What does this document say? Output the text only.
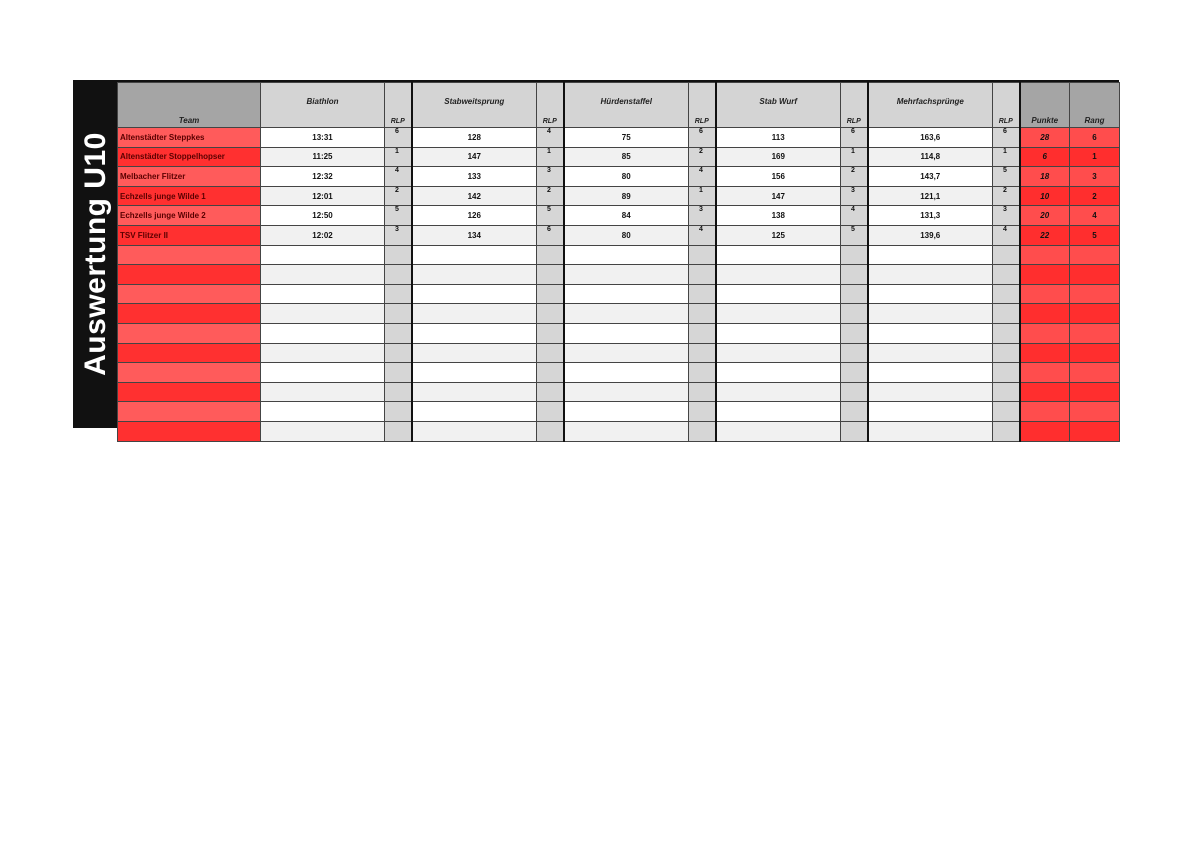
Auswertung U10
Team	Biathlon	RLP	Stabweitsprung	RLP	Hürdenstaffel	RLP	Stab Wurf	RLP	Mehrfachsprünge	RLP	Punkte	Rang
Altenstädter Steppkes	13:31	6	128	4	75	6	113	6	163,6	6	28	6
Altenstädter Stoppelhopser	11:25	1	147	1	85	2	169	1	114,8	1	6	1
Melbacher Flitzer	12:32	4	133	3	80	4	156	2	143,7	5	18	3
Echzells junge Wilde 1	12:01	2	142	2	89	1	147	3	121,1	2	10	2
Echzells junge Wilde 2	12:50	5	126	5	84	3	138	4	131,3	3	20	4
TSV Flitzer II	12:02	3	134	6	80	4	125	5	139,6	4	22	5
